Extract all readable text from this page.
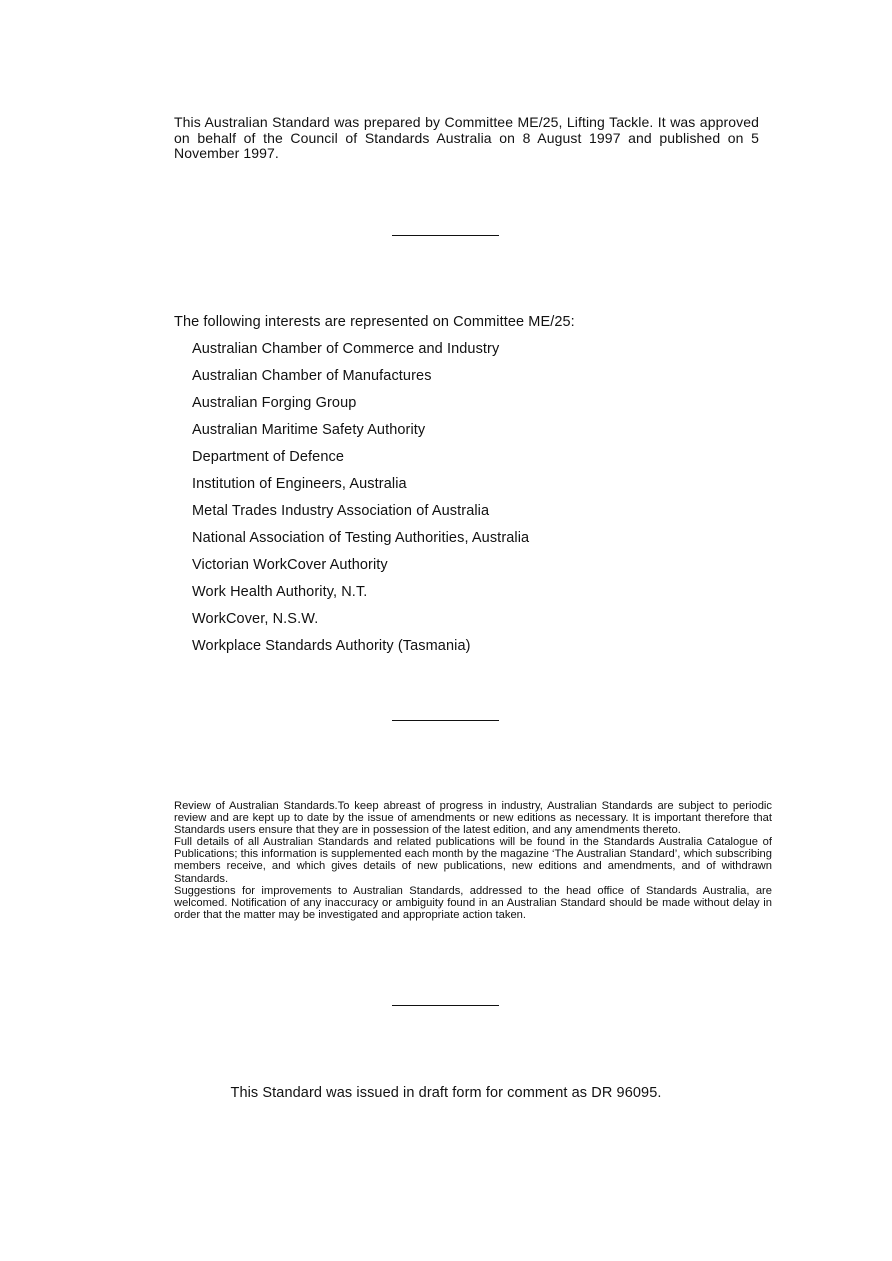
This Australian Standard was prepared by Committee ME/25, Lifting Tackle. It was approved on behalf of the Council of Standards Australia on 8 August 1997 and published on 5 November 1997.
The following interests are represented on Committee ME/25:
Australian Chamber of Commerce and Industry
Australian Chamber of Manufactures
Australian Forging Group
Australian Maritime Safety Authority
Department of Defence
Institution of Engineers, Australia
Metal Trades Industry Association of Australia
National Association of Testing Authorities, Australia
Victorian WorkCover Authority
Work Health Authority, N.T.
WorkCover, N.S.W.
Workplace Standards Authority (Tasmania)

Review of Australian Standards.To keep abreast of progress in industry, Australian Standards are subject to periodic review and are kept up to date by the issue of amendments or new editions as necessary. It is important therefore that Standards users ensure that they are in possession of the latest edition, and any amendments thereto.

Full details of all Australian Standards and related publications will be found in the Standards Australia Catalogue of Publications; this information is supplemented each month by the magazine ‘The Australian Standard’, which subscribing members receive, and which gives details of new publications, new editions and amendments, and of withdrawn Standards.

Suggestions for improvements to Australian Standards, addressed to the head office of Standards Australia, are welcomed. Notification of any inaccuracy or ambiguity found in an Australian Standard should be made without delay in order that the matter may be investigated and appropriate action taken.

This Standard was issued in draft form for comment as DR 96095.
